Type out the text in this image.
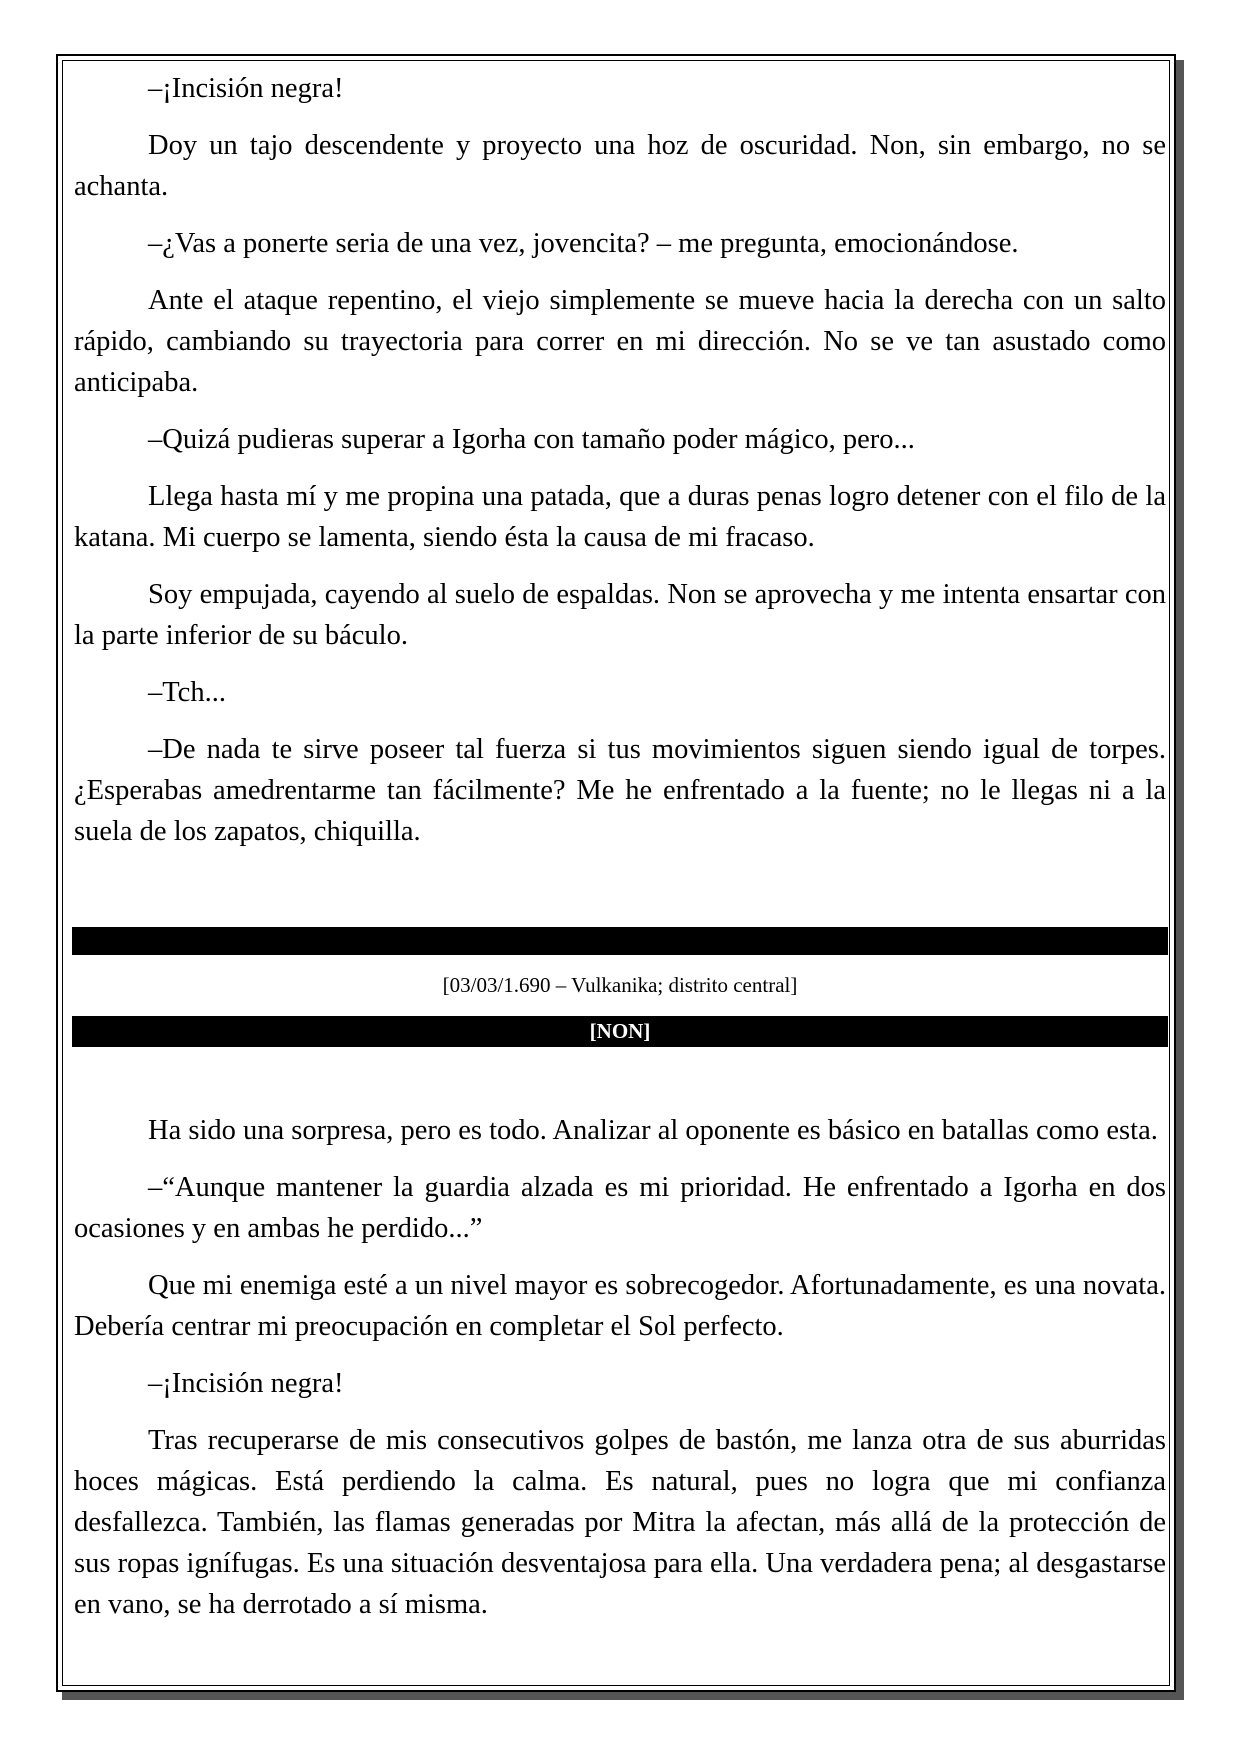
–¡Incisión negra!

Doy un tajo descendente y proyecto una hoz de oscuridad. Non, sin embargo, no se achanta.

–¿Vas a ponerte seria de una vez, jovencita? – me pregunta, emocionándose.

Ante el ataque repentino, el viejo simplemente se mueve hacia la derecha con un salto rápido, cambiando su trayectoria para correr en mi dirección. No se ve tan asustado como anticipaba.

–Quizá pudieras superar a Igorha con tamaño poder mágico, pero...

Llega hasta mí y me propina una patada, que a duras penas logro detener con el filo de la katana. Mi cuerpo se lamenta, siendo ésta la causa de mi fracaso.

Soy empujada, cayendo al suelo de espaldas. Non se aprovecha y me intenta ensartar con la parte inferior de su báculo.

–Tch...

–De nada te sirve poseer tal fuerza si tus movimientos siguen siendo igual de torpes. ¿Esperabas amedrentarme tan fácilmente? Me he enfrentado a la fuente; no le llegas ni a la suela de los zapatos, chiquilla.

[03/03/1.690 – Vulkanika; distrito central]
[NON]

Ha sido una sorpresa, pero es todo. Analizar al oponente es básico en batallas como esta.

–“Aunque mantener la guardia alzada es mi prioridad. He enfrentado a Igorha en dos ocasiones y en ambas he perdido...”

Que mi enemiga esté a un nivel mayor es sobrecogedor. Afortunadamente, es una novata. Debería centrar mi preocupación en completar el Sol perfecto.

–¡Incisión negra!

Tras recuperarse de mis consecutivos golpes de bastón, me lanza otra de sus aburridas hoces mágicas. Está perdiendo la calma. Es natural, pues no logra que mi confianza desfallezca. También, las flamas generadas por Mitra la afectan, más allá de la protección de sus ropas ignífugas. Es una situación desventajosa para ella. Una verdadera pena; al desgastarse en vano, se ha derrotado a sí misma.
